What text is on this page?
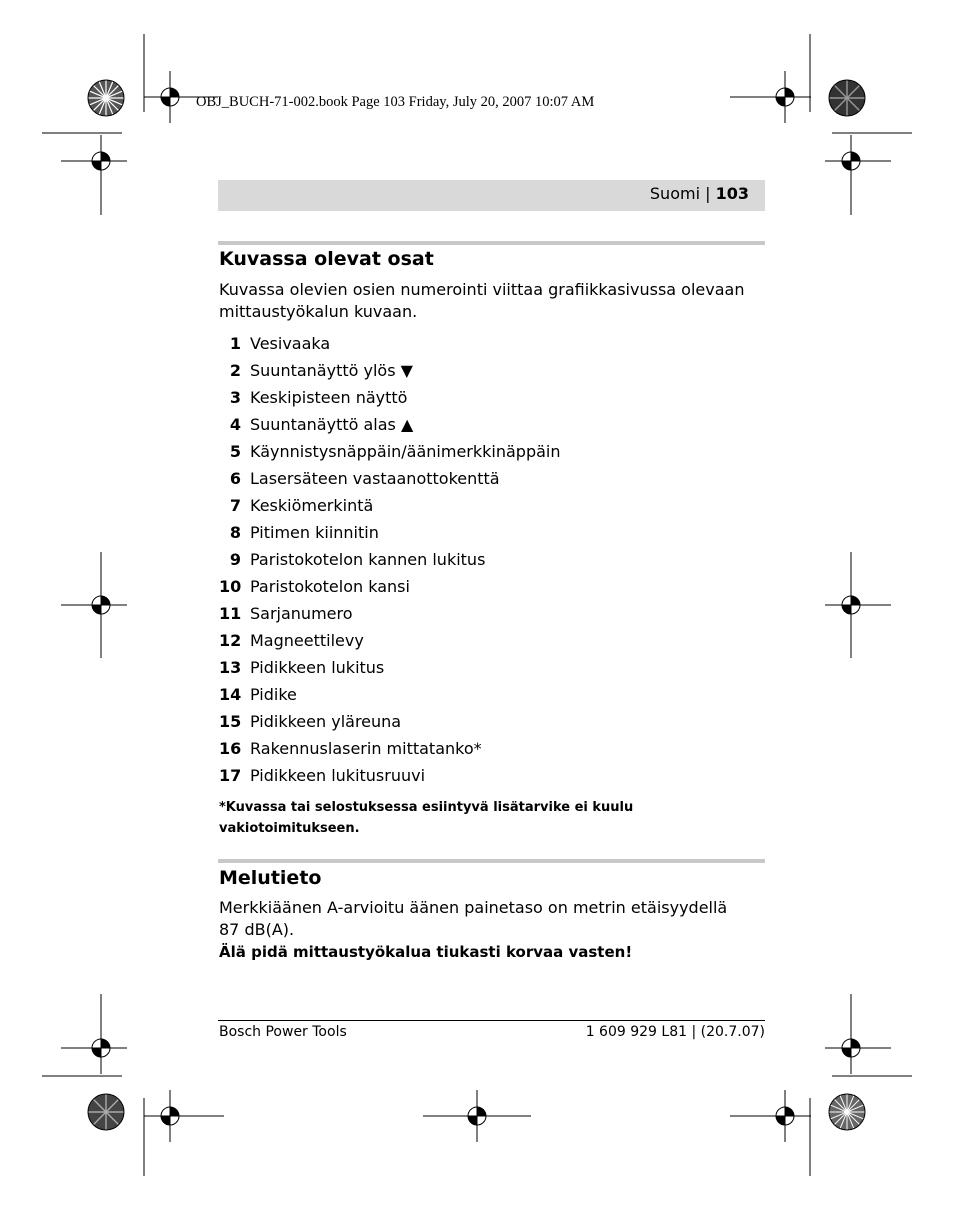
OBJ_BUCH-71-002.book Page 103 Friday, July 20, 2007 10:07 AM
Suomi | 103
Kuvassa olevat osat
Kuvassa olevien osien numerointi viittaa grafiikkasivussa olevaan mittaustyökalun kuvaan.
1 Vesivaaka
2 Suuntanäyttö ylös ▼
3 Keskipisteen näyttö
4 Suuntanäyttö alas ▲
5 Käynnistysnäppäin/äänimerkkinäppäin
6 Lasersäteen vastaanottokenttä
7 Keskiömerkintä
8 Pitimen kiinnitin
9 Paristokotelon kannen lukitus
10 Paristokotelon kansi
11 Sarjanumero
12 Magneettilevy
13 Pidikkeen lukitus
14 Pidike
15 Pidikkeen yläreuna
16 Rakennuslaserin mittatanko*
17 Pidikkeen lukitusruuvi
*Kuvassa tai selostuksessa esiintyvä lisätarvike ei kuulu vakiotoimitukseen.
Melutieto
Merkkiäänen A-arvioitu äänen painetaso on metrin etäisyydellä 87 dB(A).
Älä pidä mittaustyökalua tiukasti korvaa vasten!
Bosch Power Tools	1 609 929 L81 | (20.7.07)
